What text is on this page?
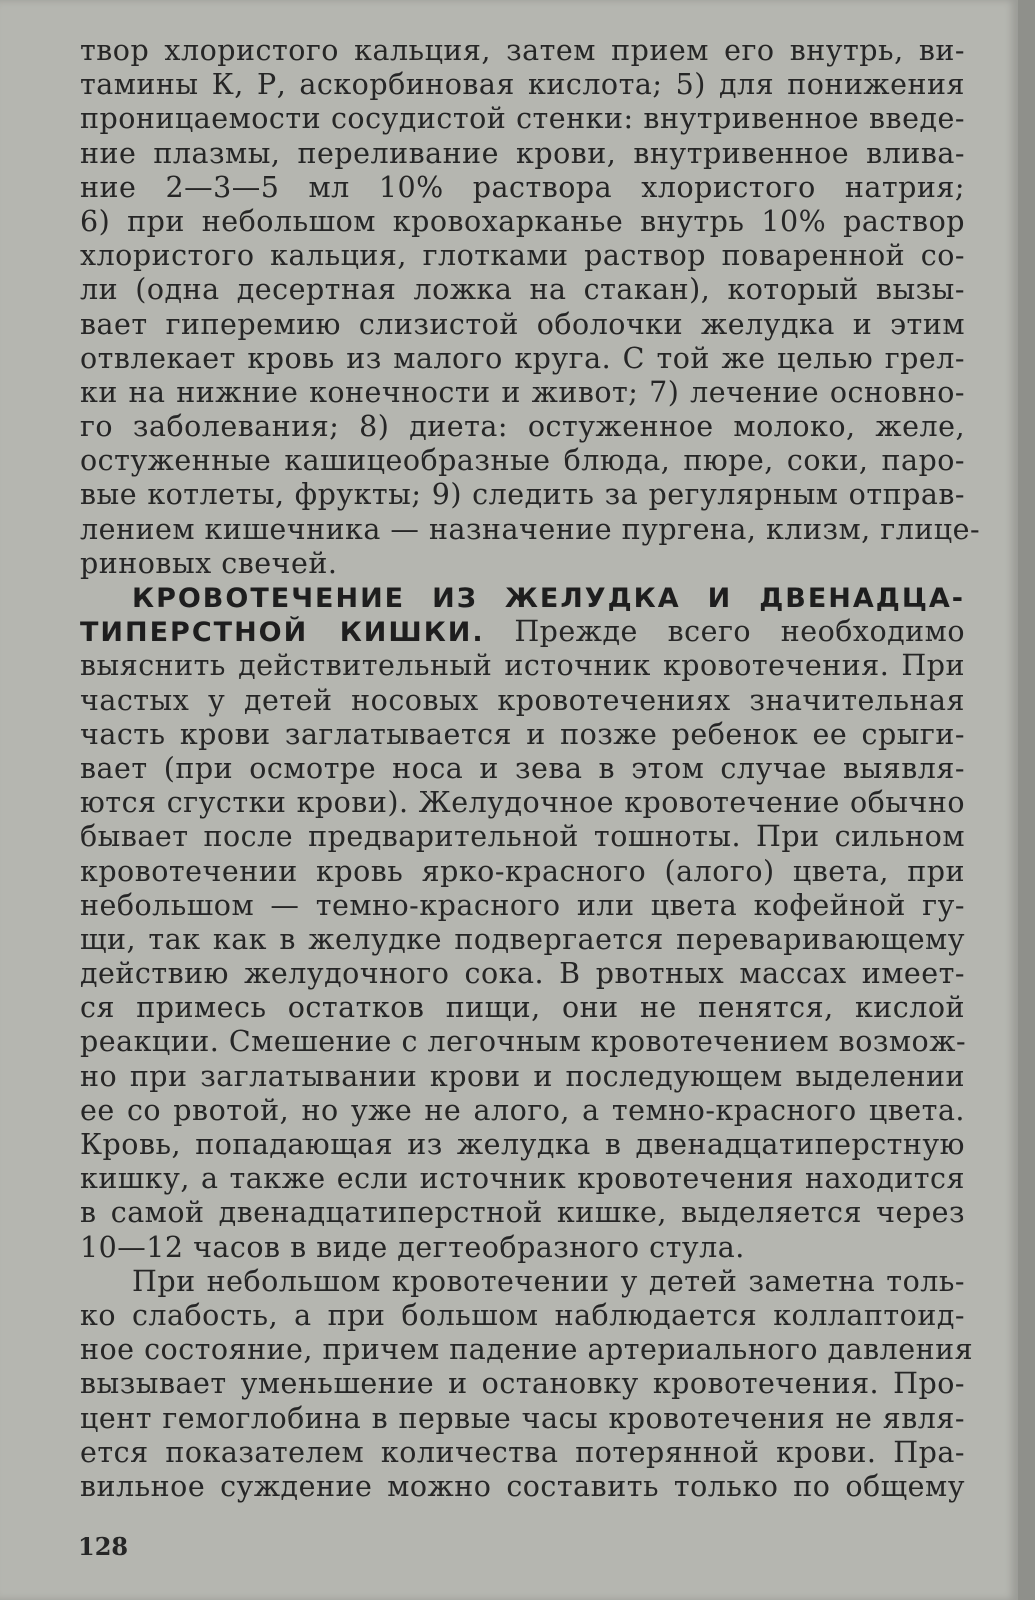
твор хлористого кальция, затем прием его внутрь, ви-
тамины К, Р, аскорбиновая кислота; 5) для понижения
проницаемости сосудистой стенки: внутривенное введе-
ние плазмы, переливание крови, внутривенное влива-
ние 2—3—5 мл 10% раствора хлористого натрия;
6) при небольшом кровохарканье внутрь 10% раствор
хлористого кальция, глотками раствор поваренной со-
ли (одна десертная ложка на стакан), который вызы-
вает гиперемию слизистой оболочки желудка и этим
отвлекает кровь из малого круга. С той же целью грел-
ки на нижние конечности и живот; 7) лечение основно-
го заболевания; 8) диета: остуженное молоко, желе,
остуженные кашицеобразные блюда, пюре, соки, паро-
вые котлеты, фрукты; 9) следить за регулярным отправ-
лением кишечника — назначение пургена, клизм, глице-
риновых свечей.
КРОВОТЕЧЕНИЕ ИЗ ЖЕЛУДКА И ДВЕНАДЦА-
ТИПЕРСТНОЙ КИШКИ. Прежде всего необходимо
выяснить действительный источник кровотечения. При
частых у детей носовых кровотечениях значительная
часть крови заглатывается и позже ребенок ее срыги-
вает (при осмотре носа и зева в этом случае выявля-
ются сгустки крови). Желудочное кровотечение обычно
бывает после предварительной тошноты. При сильном
кровотечении кровь ярко-красного (алого) цвета, при
небольшом — темно-красного или цвета кофейной гу-
щи, так как в желудке подвергается переваривающему
действию желудочного сока. В рвотных массах имеет-
ся примесь остатков пищи, они не пенятся, кислой
реакции. Смешение с легочным кровотечением возмож-
но при заглатывании крови и последующем выделении
ее со рвотой, но уже не алого, а темно-красного цвета.
Кровь, попадающая из желудка в двенадцатиперстную
кишку, а также если источник кровотечения находится
в самой двенадцатиперстной кишке, выделяется через
10—12 часов в виде дегтеобразного стула.
При небольшом кровотечении у детей заметна толь-
ко слабость, а при большом наблюдается коллаптоид-
ное состояние, причем падение артериального давления
вызывает уменьшение и остановку кровотечения. Про-
цент гемоглобина в первые часы кровотечения не явля-
ется показателем количества потерянной крови. Пра-
вильное суждение можно составить только по общему
128
